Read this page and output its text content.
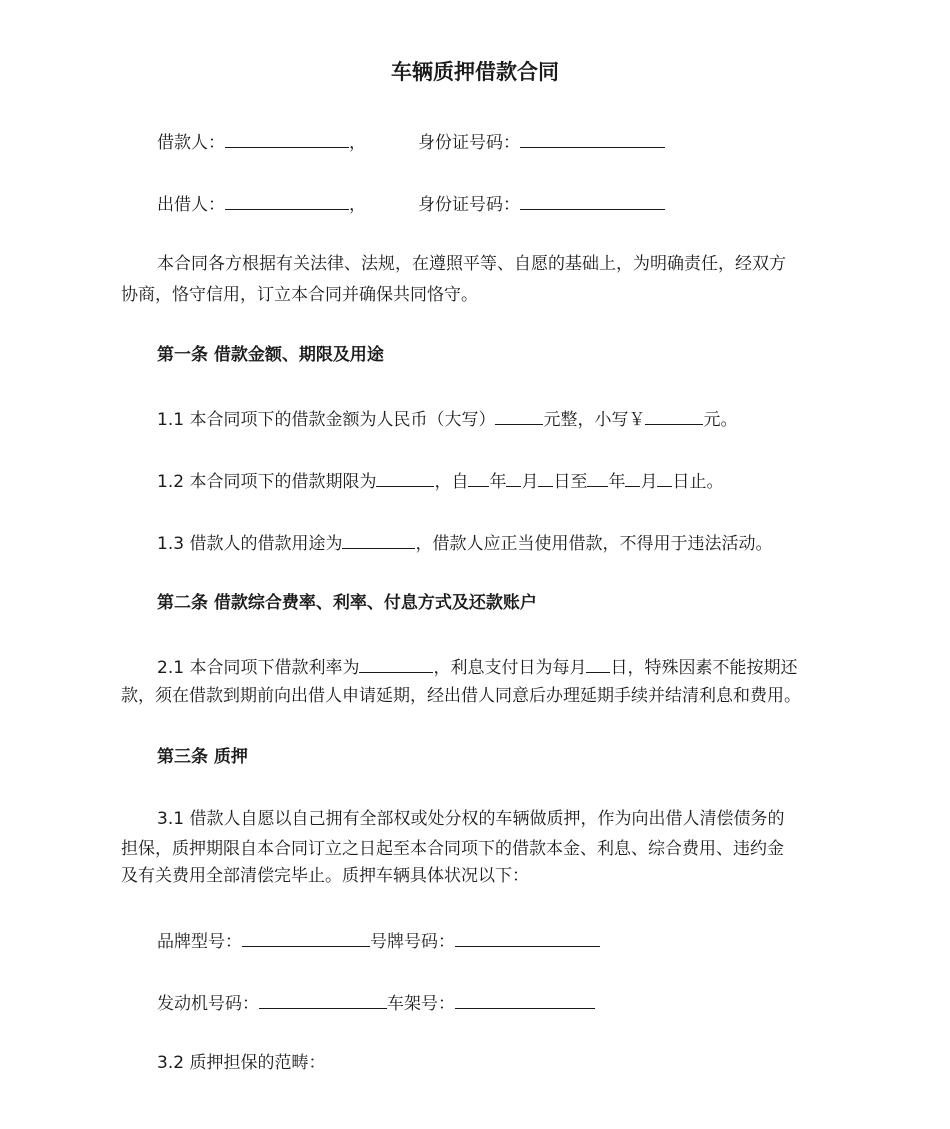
车辆质押借款合同
借款人：	，	身份证号码：
出借人：	，	身份证号码：
本合同各方根据有关法律、法规，在遵照平等、自愿的基础上，为明确责任，经双方
协商，恪守信用，订立本合同并确保共同恪守。
第一条 借款金额、期限及用途
1.1 本合同项下的借款金额为人民币（大写）	元整，小写￥	元。
1.2 本合同项下的借款期限为	，自 年 月 日至 年 月 日止。
1.3 借款人的借款用途为	，借款人应正当使用借款，不得用于违法活动。
第二条 借款综合费率、利率、付息方式及还款账户
2.1 本合同项下借款利率为	，利息支付日为每月 日，特殊因素不能按期还
款，须在借款到期前向出借人申请延期，经出借人同意后办理延期手续并结清利息和费用。
第三条 质押
3.1 借款人自愿以自己拥有全部权或处分权的车辆做质押，作为向出借人清偿债务的
担保，质押期限自本合同订立之日起至本合同项下的借款本金、利息、综合费用、违约金
及有关费用全部清偿完毕止。质押车辆具体状况以下：
品牌型号：	号牌号码：
发动机号码：	车架号：
3.2 质押担保的范畴：
